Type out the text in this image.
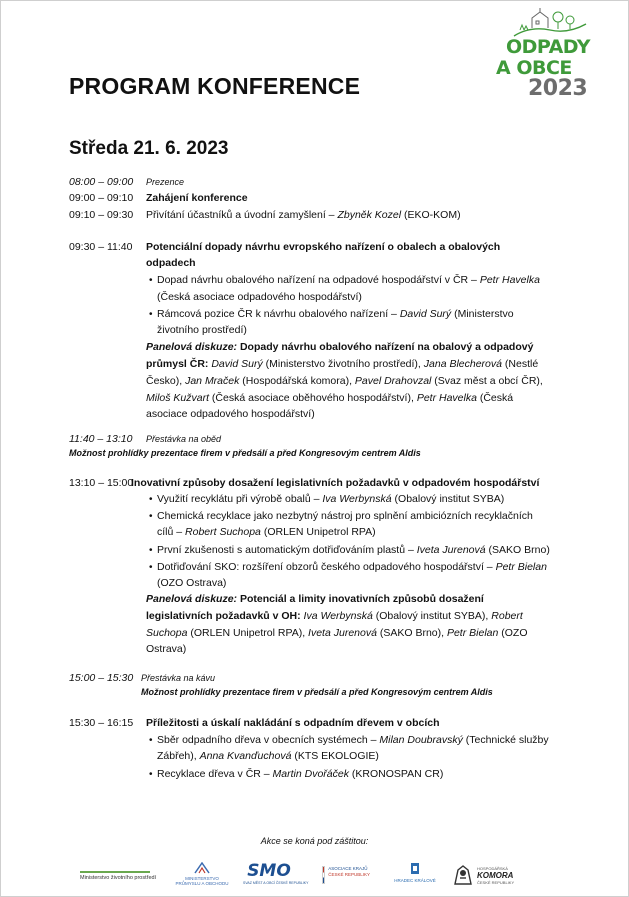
ODPADY
A OBCE
2023
PROGRAM KONFERENCE
Středa 21. 6. 2023
08:00 – 09:00 Prezence
09:00 – 09:10 Zahájení konference
09:10 – 09:30 Přivítání účastníků a úvodní zamyšlení – Zbyněk Kozel (EKO-KOM)
09:30 – 11:40 Potenciální dopady návrhu evropského nařízení o obalech a obalových
odpadech
• Dopad návrhu obalového nařízení na odpadové hospodářství v ČR – Petr Havelka
(Česká asociace odpadového hospodářství)
• Rámcová pozice ČR k návrhu obalového nařízení – David Surý (Ministerstvo
životního prostředí)
Panelová diskuze: Dopady návrhu obalového nařízení na obalový a odpadový
průmysl ČR: David Surý (Ministerstvo životního prostředí), Jana Blecherová (Nestlé
Česko), Jan Mraček (Hospodářská komora), Pavel Drahovzal (Svaz měst a obcí ČR),
Miloš Kužvart (Česká asociace oběhového hospodářství), Petr Havelka (Česká
asociace odpadového hospodářství)
11:40 – 13:10 Přestávka na oběd
Možnost prohlídky prezentace firem v předsálí a před Kongresovým centrem Aldis
13:10 – 15:00
Inovativní způsoby dosažení legislativních požadavků v odpadovém hospodářství
• Využití recyklátu při výrobě obalů – Iva Werbynská (Obalový institut SYBA)
• Chemická recyklace jako nezbytný nástroj pro splnění ambiciózních recyklačních
cílů – Robert Suchopa (ORLEN Unipetrol RPA)
• První zkušenosti s automatickým dotřiďováním plastů – Iveta Jurenová (SAKO Brno)
• Dotřiďování SKO: rozšíření obzorů českého odpadového hospodářství – Petr Bielan
(OZO Ostrava)
Panelová diskuze: Potenciál a limity inovativních způsobů dosažení
legislativních požadavků v OH: Iva Werbynská (Obalový institut SYBA), Robert
Suchopa (ORLEN Unipetrol RPA), Iveta Jurenová (SAKO Brno), Petr Bielan (OZO
Ostrava)
15:00 – 15:30 Přestávka na kávu
Možnost prohlídky prezentace firem v předsálí a před Kongresovým centrem Aldis
15:30 – 16:15 Příležitosti a úskalí nakládání s odpadním dřevem v obcích
• Sběr odpadního dřeva v obecních systémech – Milan Doubravský (Technické služby
Zábřeh), Anna Kvanďuchová (KTS EKOLOGIE)
• Recyklace dřeva v ČR – Martin Dvořáček (KRONOSPAN CR)
Akce se koná pod záštitou:
Ministerstvo životního prostředí	MINISTERSTVO
PRŮMYSLU A OBCHODU
SMO
SVAZ MĚST A OBCÍ ČESKÉ REPUBLIKY
ASOCIACE KRAJŮ
ČESKÉ REPUBLIKY
HRADEC KRÁLOVÉ
HOSPODÁŘSKÁ
KOMORA
ČESKÉ REPUBLIKY
